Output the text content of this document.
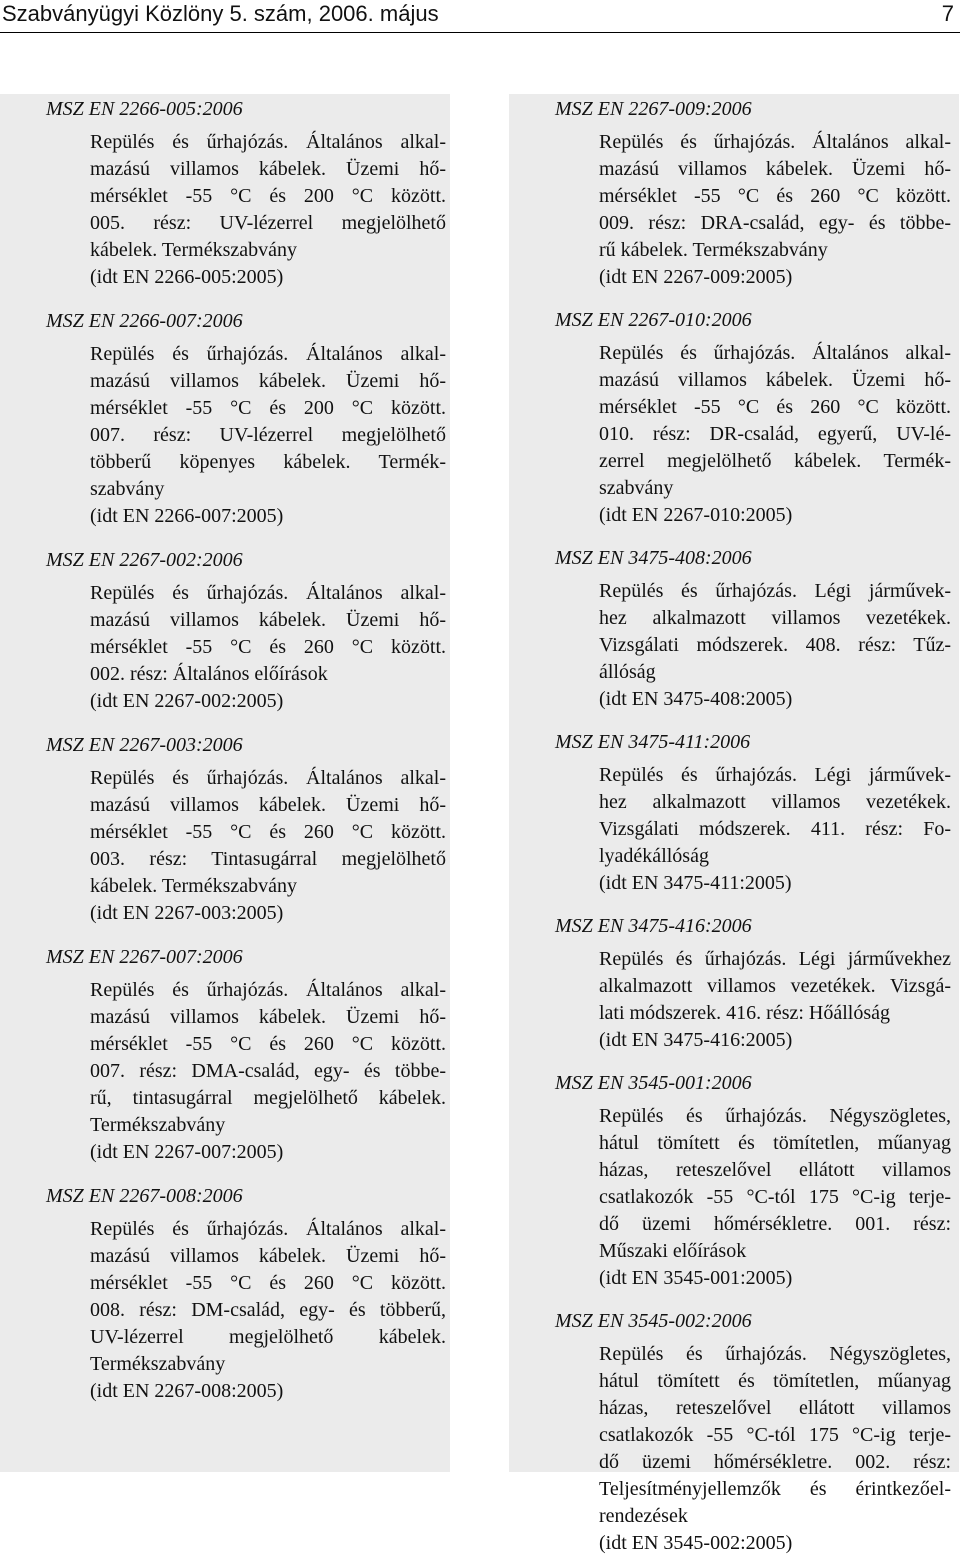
Szabványügyi Közlöny 5. szám, 2006. május	7
MSZ EN 2266-005:2006
Repülés és űrhajózás. Általános alkal-
mazású villamos kábelek. Üzemi hő-
mérséklet -55 °C és 200 °C között.
005. rész: UV-lézerrel megjelölhető
kábelek. Termékszabvány
(idt EN 2266-005:2005)
MSZ EN 2266-007:2006
Repülés és űrhajózás. Általános alkal-
mazású villamos kábelek. Üzemi hő-
mérséklet -55 °C és 200 °C között.
007. rész: UV-lézerrel megjelölhető
többerű köpenyes kábelek. Termék-
szabvány
(idt EN 2266-007:2005)
MSZ EN 2267-002:2006
Repülés és űrhajózás. Általános alkal-
mazású villamos kábelek. Üzemi hő-
mérséklet -55 °C és 260 °C között.
002. rész: Általános előírások
(idt EN 2267-002:2005)
MSZ EN 2267-003:2006
Repülés és űrhajózás. Általános alkal-
mazású villamos kábelek. Üzemi hő-
mérséklet -55 °C és 260 °C között.
003. rész: Tintasugárral megjelölhető
kábelek. Termékszabvány
(idt EN 2267-003:2005)
MSZ EN 2267-007:2006
Repülés és űrhajózás. Általános alkal-
mazású villamos kábelek. Üzemi hő-
mérséklet -55 °C és 260 °C között.
007. rész: DMA-család, egy- és többe-
rű, tintasugárral megjelölhető kábelek.
Termékszabvány
(idt EN 2267-007:2005)
MSZ EN 2267-008:2006
Repülés és űrhajózás. Általános alkal-
mazású villamos kábelek. Üzemi hő-
mérséklet -55 °C és 260 °C között.
008. rész: DM-család, egy- és többerű,
UV-lézerrel megjelölhető kábelek.
Termékszabvány
(idt EN 2267-008:2005)
MSZ EN 2267-009:2006
Repülés és űrhajózás. Általános alkal-
mazású villamos kábelek. Üzemi hő-
mérséklet -55 °C és 260 °C között.
009. rész: DRA-család, egy- és többe-
rű kábelek. Termékszabvány
(idt EN 2267-009:2005)
MSZ EN 2267-010:2006
Repülés és űrhajózás. Általános alkal-
mazású villamos kábelek. Üzemi hő-
mérséklet -55 °C és 260 °C között.
010. rész: DR-család, egyerű, UV-lé-
zerrel megjelölhető kábelek. Termék-
szabvány
(idt EN 2267-010:2005)
MSZ EN 3475-408:2006
Repülés és űrhajózás. Légi járművek-
hez alkalmazott villamos vezetékek.
Vizsgálati módszerek. 408. rész: Tűz-
állóság
(idt EN 3475-408:2005)
MSZ EN 3475-411:2006
Repülés és űrhajózás. Légi járművek-
hez alkalmazott villamos vezetékek.
Vizsgálati módszerek. 411. rész: Fo-
lyadékállóság
(idt EN 3475-411:2005)
MSZ EN 3475-416:2006
Repülés és űrhajózás. Légi járművekhez
alkalmazott villamos vezetékek. Vizsgá-
lati módszerek. 416. rész: Hőállóság
(idt EN 3475-416:2005)
MSZ EN 3545-001:2006
Repülés és űrhajózás. Négyszögletes,
hátul tömített és tömítetlen, műanyag
házas, reteszelővel ellátott villamos
csatlakozók -55 °C-tól 175 °C-ig terje-
dő üzemi hőmérsékletre. 001. rész:
Műszaki előírások
(idt EN 3545-001:2005)
MSZ EN 3545-002:2006
Repülés és űrhajózás. Négyszögletes,
hátul tömített és tömítetlen, műanyag
házas, reteszelővel ellátott villamos
csatlakozók -55 °C-tól 175 °C-ig terje-
dő üzemi hőmérsékletre. 002. rész:
Teljesítményjellemzők és érintkezőel-
rendezések
(idt EN 3545-002:2005)
